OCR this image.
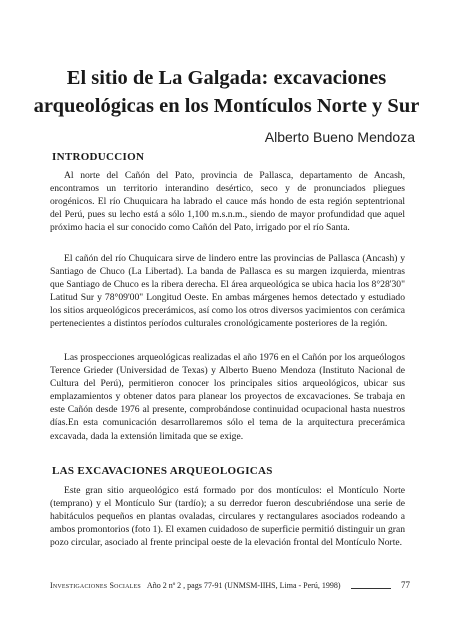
El sitio de La Galgada: excavaciones arqueológicas en los Montículos Norte y Sur

Alberto Bueno Mendoza

INTRODUCCION

Al norte del Cañón del Pato, provincia de Pallasca, departamento de Ancash, encontramos un territorio interandino desértico, seco y de pronunciados pliegues orogénicos. El río Chuquicara ha labrado el cauce más hondo de esta región septentrional del Perú, pues su lecho está a sólo 1,100 m.s.n.m., siendo de mayor profundidad que aquel próximo hacia el sur conocido como Cañón del Pato, irrigado por el río Santa.

El cañón del río Chuquicara sirve de lindero entre las provincias de Pallasca (Ancash) y Santiago de Chuco (La Libertad). La banda de Pallasca es su margen izquierda, mientras que Santiago de Chuco es la ribera derecha. El área arqueológica se ubica hacia los 8°28'30" Latitud Sur y 78°09'00" Longitud Oeste. En ambas márgenes hemos detectado y estudiado los sitios arqueológicos precerámicos, así como los otros diversos yacimientos con cerámica pertenecientes a distintos períodos culturales cronológicamente posteriores de la región.

Las prospecciones arqueológicas realizadas el año 1976 en el Cañón por los arqueólogos Terence Grieder (Universidad de Texas) y Alberto Bueno Mendoza (Instituto Nacional de Cultura del Perú), permitieron conocer los principales sitios arqueológicos, ubicar sus emplazamientos y obtener datos para planear los proyectos de excavaciones. Se trabaja en este Cañón desde 1976 al presente, comprobándose continuidad ocupacional hasta nuestros días.En esta comunicación desarrollaremos sólo el tema de la arquitectura precerámica excavada, dada la extensión limitada que se exige.

LAS EXCAVACIONES ARQUEOLOGICAS

Este gran sitio arqueológico está formado por dos montículos: el Montículo Norte (temprano) y el Montículo Sur (tardío); a su derredor fueron descubriéndose una serie de habitáculos pequeños en plantas ovaladas, circulares y rectangulares asociados rodeando a ambos promontorios (foto 1). El examen cuidadoso de superficie permitió distinguir un gran pozo circular, asociado al frente principal oeste de la elevación frontal del Montículo Norte.

Investigaciones Sociales Año 2 nº 2 , pags 77-91 (UNMSM-IIHS, Lima - Perú, 1998)	77
